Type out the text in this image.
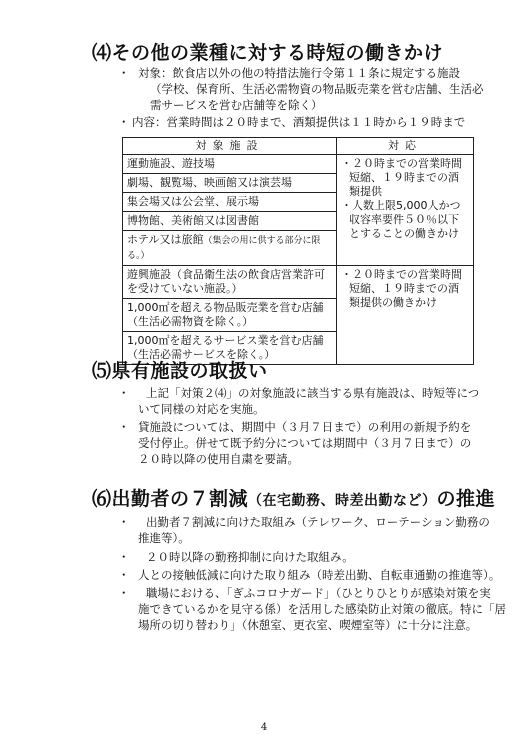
⑷その他の業種に対する時短の働きかけ
・ 対象：飲食店以外の他の特措法施行令第１１条に規定する施設
（学校、保育所、生活必需物資の物品販売業を営む店舗、生活必
需サービスを営む店舗等を除く）
・ 内容：営業時間は２０時まで、酒類提供は１１時から１９時まで
対象施設	対応
運動施設、遊技場	・２０時までの営業時間短縮、１９時までの酒類提供
・人数上限5,000人かつ収容率要件５０％以下とすることの働きかけ

劇場、観覧場、映画館又は演芸場	
集会場又は公会堂、展示場	
博物館、美術館又は図書館	
ホテル又は旅館（集会の用に供する部分に限る。）	
遊興施設（食品衛生法の飲食店営業許可を受けていない施設。）	・２０時までの営業時間短縮、１９時までの酒類提供の働きかけ

1,000㎡を超える物品販売業を営む店舗（生活必需物資を除く。）	
1,000㎡を超えるサービス業を営む店舗（生活必需サービスを除く。）	
⑸県有施設の取扱い
・ 上記「対策２⑷」の対象施設に該当する県有施設は、時短等につ
いて同様の対応を実施。
・ 貸施設については、期間中（３月７日まで）の利用の新規予約を
受付停止。併せて既予約分については期間中（３月７日まで）の
２０時以降の使用自粛を要請。
⑹出勤者の７割減（在宅勤務、時差出勤など）の推進
・ 出勤者７割減に向けた取組み（テレワーク、ローテーション勤務の
推進等）。
・ ２０時以降の勤務抑制に向けた取組み。
・ 人との接触低減に向けた取り組み（時差出勤、自転車通勤の推進等）。
・ 職場における、「ぎふコロナガード」（ひとりひとりが感染対策を実
施できているかを見守る係）を活用した感染防止対策の徹底。特に「居
場所の切り替わり」（休憩室、更衣室、喫煙室等）に十分に注意。
4
